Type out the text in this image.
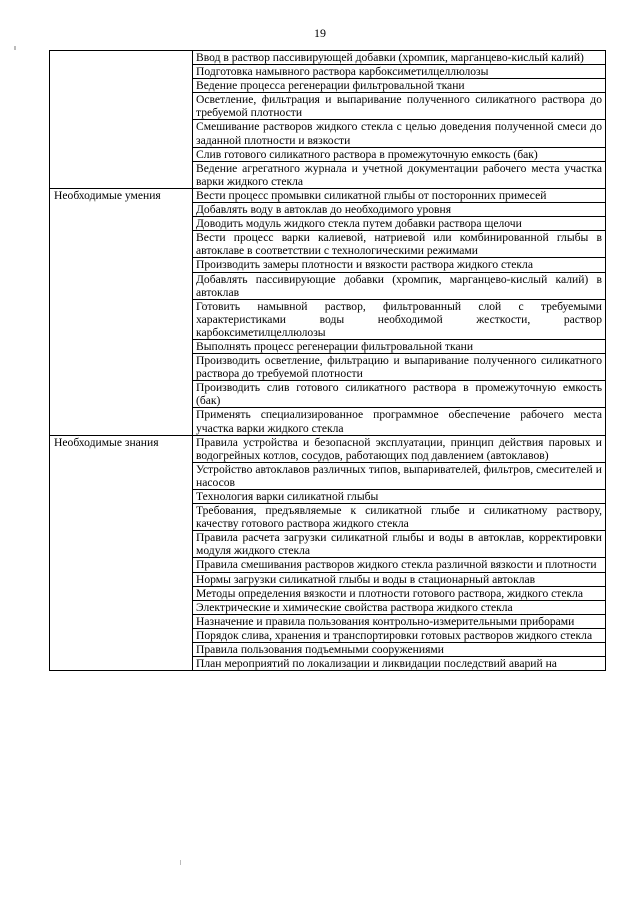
19
	Ввод в раствор пассивирующей добавки (хромпик, марганцево-кислый калий)
	Подготовка намывного раствора карбоксиметилцеллюлозы
	Ведение процесса регенерации фильтровальной ткани
	Осветление, фильтрация и выпаривание полученного силикатного раствора до требуемой плотности
	Смешивание растворов жидкого стекла с целью доведения полученной смеси до заданной плотности и вязкости
	Слив готового силикатного раствора в промежуточную емкость (бак)
	Ведение агрегатного журнала и учетной документации рабочего места участка варки жидкого стекла
Необходимые умения	Вести процесс промывки силикатной глыбы от посторонних примесей
	Добавлять воду в автоклав до необходимого уровня
	Доводить модуль жидкого стекла путем добавки раствора щелочи
	Вести процесс варки калиевой, натриевой или комбинированной глыбы в автоклаве в соответствии с технологическими режимами
	Производить замеры плотности и вязкости раствора жидкого стекла
	Добавлять пассивирующие добавки (хромпик, марганцево-кислый калий) в автоклав
	Готовить намывной раствор, фильтрованный слой с требуемыми характеристиками воды необходимой жесткости, раствор карбоксиметилцеллюлозы
	Выполнять процесс регенерации фильтровальной ткани
	Производить осветление, фильтрацию и выпаривание полученного силикатного раствора до требуемой плотности
	Производить слив готового силикатного раствора в промежуточную емкость (бак)
	Применять специализированное программное обеспечение рабочего места участка варки жидкого стекла
Необходимые знания	Правила устройства и безопасной эксплуатации, принцип действия паровых и водогрейных котлов, сосудов, работающих под давлением (автоклавов)
	Устройство автоклавов различных типов, выпаривателей, фильтров, смесителей и насосов
	Технология варки силикатной глыбы
	Требования, предъявляемые к силикатной глыбе и силикатному раствору, качеству готового раствора жидкого стекла
	Правила расчета загрузки силикатной глыбы и воды в автоклав, корректировки модуля жидкого стекла
	Правила смешивания растворов жидкого стекла различной вязкости и плотности
	Нормы загрузки силикатной глыбы и воды в стационарный автоклав
	Методы определения вязкости и плотности готового раствора, жидкого стекла
	Электрические и химические свойства раствора жидкого стекла
	Назначение и правила пользования контрольно-измерительными приборами
	Порядок слива, хранения и транспортировки готовых растворов жидкого стекла
	Правила пользования подъемными сооружениями
	План мероприятий по локализации и ликвидации последствий аварий на
